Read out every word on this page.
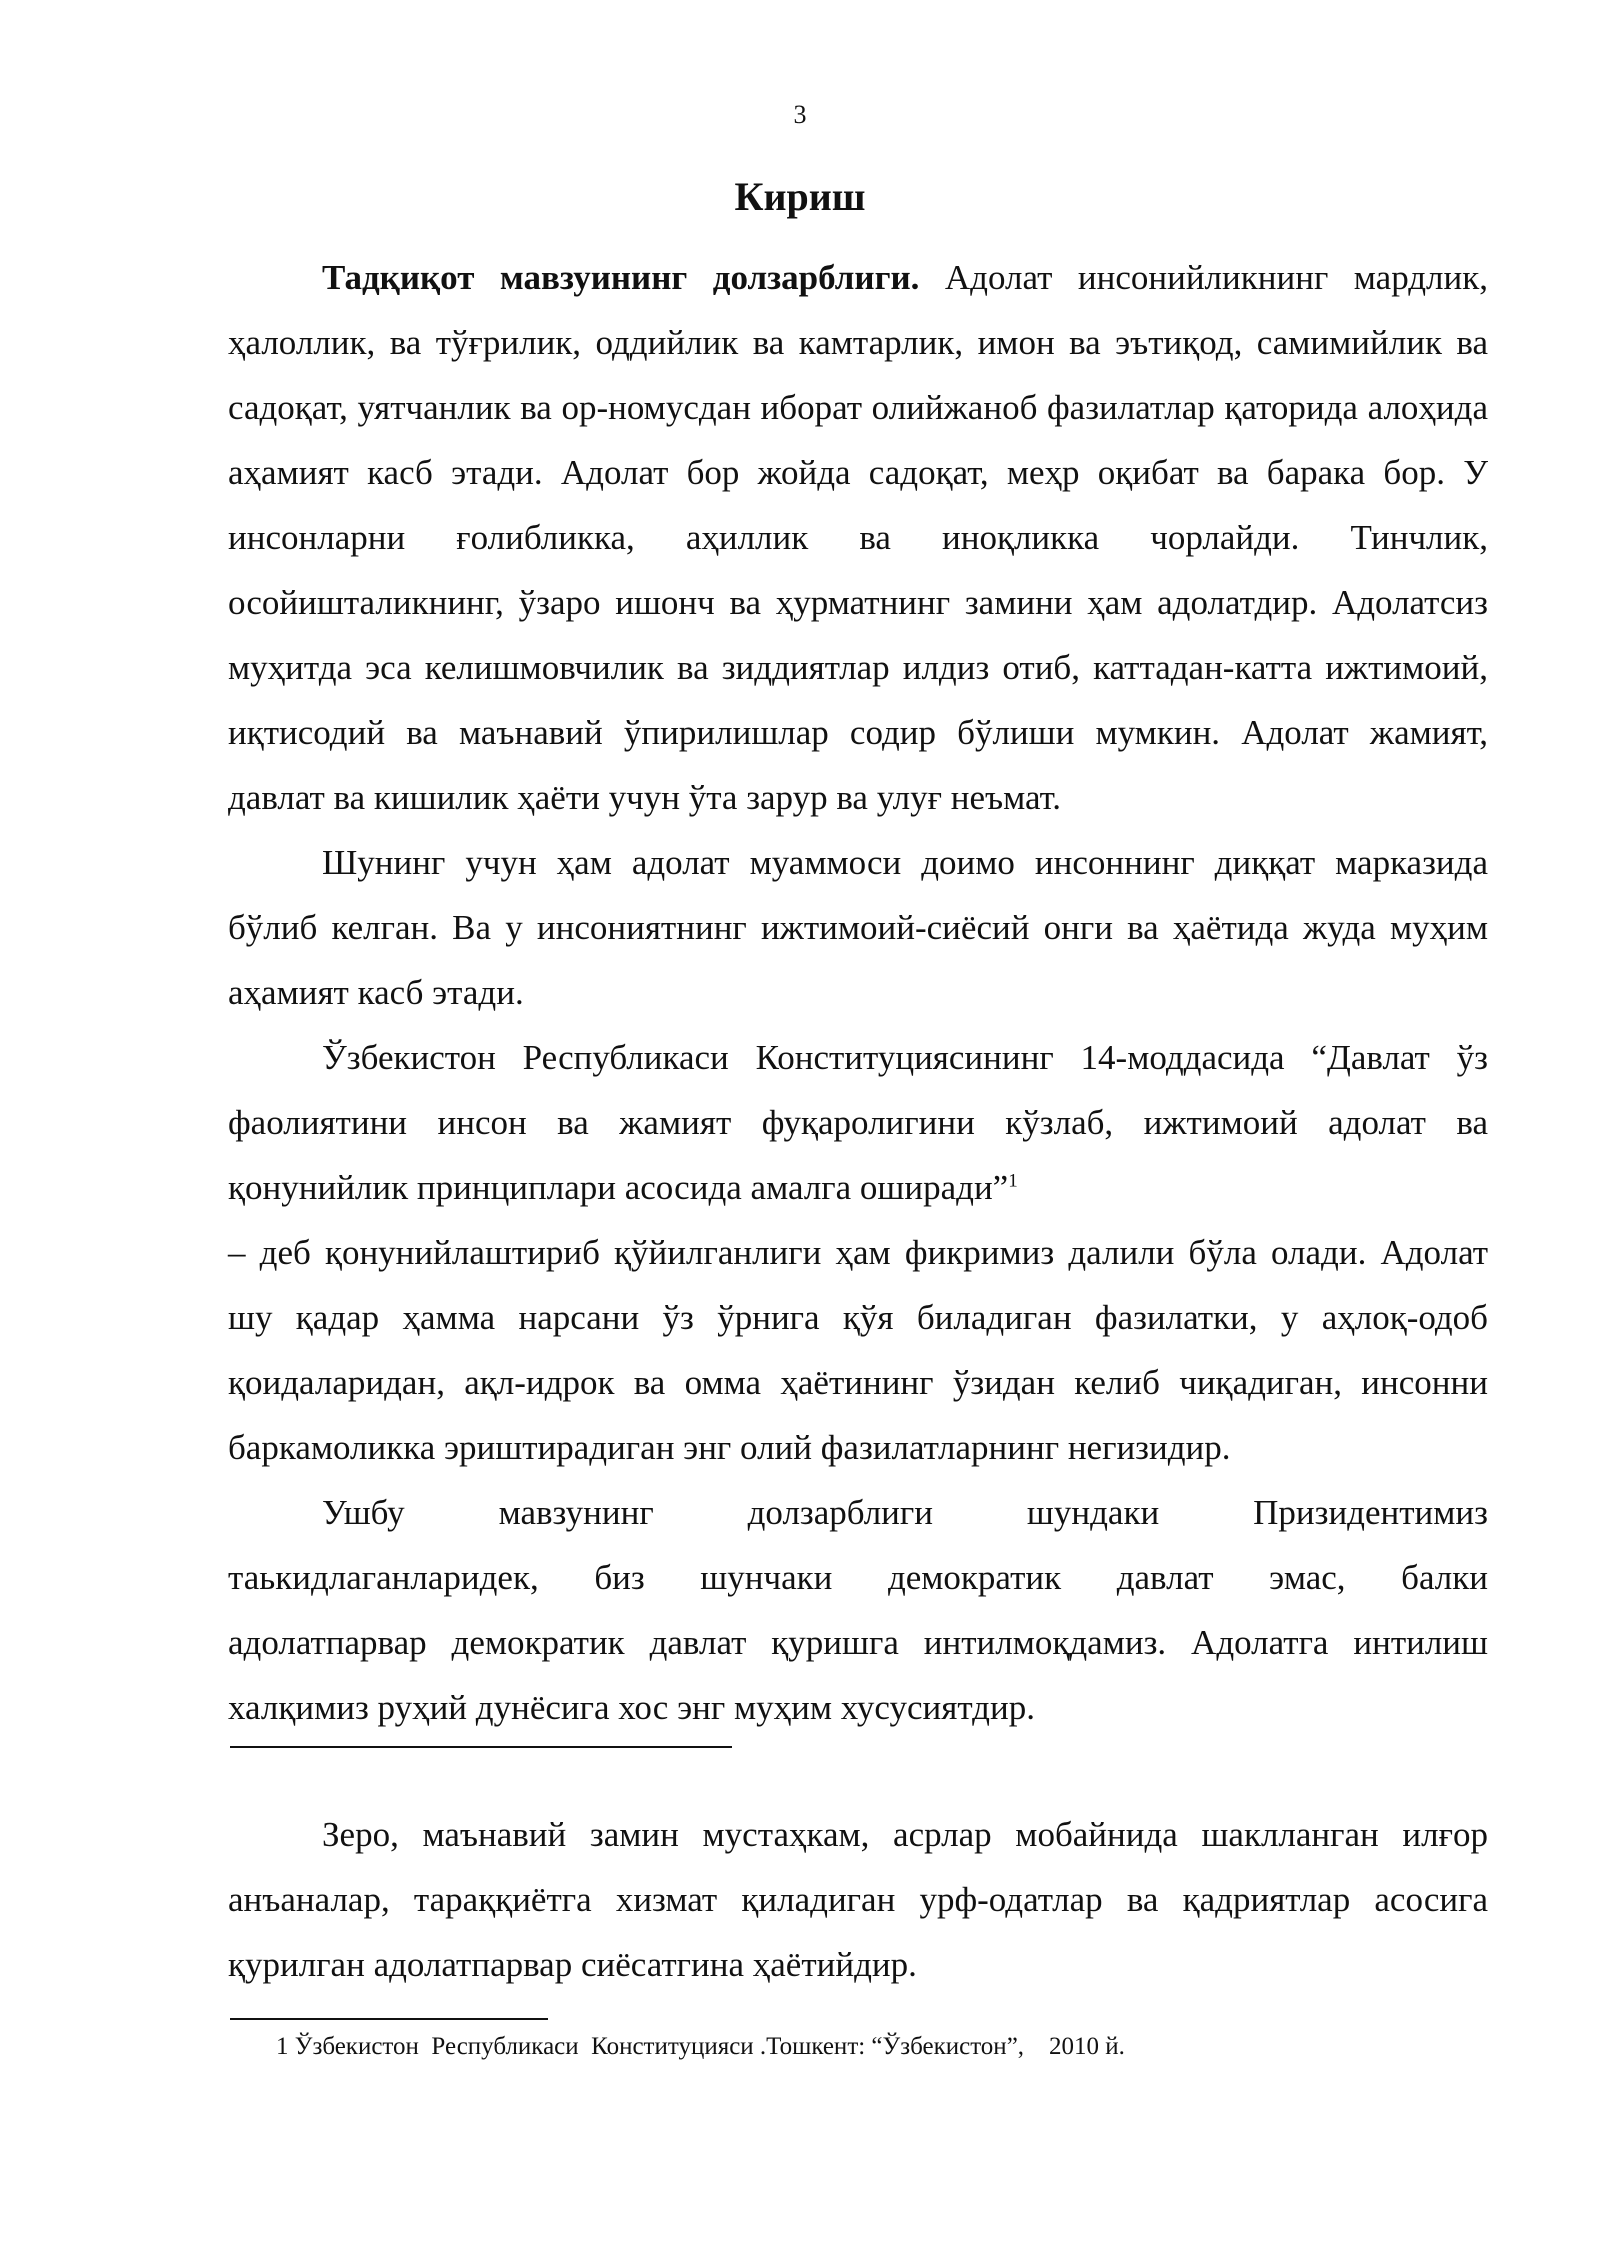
3
Кириш

Тадқиқот мавзуининг долзарблиги. Адолат инсонийликнинг мардлик, ҳалоллик, ва тўғрилик, оддийлик ва камтарлик, имон ва эътиқод, самимийлик ва садоқат, уятчанлик ва ор-номусдан иборат олийжаноб фазилатлар қаторида алоҳида аҳамият касб этади. Адолат бор жойда садоқат, меҳр оқибат ва барака бор. У инсонларни ғолибликка, аҳиллик ва иноқликка чорлайди. Тинчлик, осойишталикнинг, ўзаро ишонч ва ҳурматнинг замини ҳам адолатдир. Адолатсиз муҳитда эса келишмовчилик ва зиддиятлар илдиз отиб, каттадан-катта ижтимоий, иқтисодий ва маънавий ўпирилишлар содир бўлиши мумкин. Адолат жамият, давлат ва кишилик ҳаёти учун ўта зарур ва улуғ неъмат.

Шунинг учун ҳам адолат муаммоси доимо инсоннинг диққат марказида бўлиб келган. Ва у инсониятнинг ижтимоий-сиёсий онги ва ҳаётида жуда муҳим аҳамият касб этади.

Ўзбекистон Республикаси Конституциясининг 14-моддасида “Давлат ўз фаолиятини инсон ва жамият фуқаролигини кўзлаб, ижтимоий адолат ва қонунийлик принциплари асосида амалга оширади”$^1$

– деб қонунийлаштириб қўйилганлиги ҳам фикримиз далили бўла олади. Адолат шу қадар ҳамма нарсани ўз ўрнига қўя биладиган фазилатки, у аҳлоқ-одоб қоидаларидан, ақл-идрок ва омма ҳаётининг ўзидан келиб чиқадиган, инсонни баркамоликка эриштирадиган энг олий фазилатларнинг негизидир.

Ушбу мавзунинг долзарблиги шундаки Призидентимиз

таькидлаганларидек, биз шунчаки демократик давлат эмас, балки

адолатпарвар демократик давлат қуришга интилмоқдамиз. Адолатга интилиш халқимиз руҳий дунёсига хос энг муҳим хусусиятдир.

Зеро, маънавий замин мустаҳкам, асрлар мобайнида шаклланган илғор анъаналар, тараққиётга хизмат қиладиган урф-одатлар ва қадриятлар асосига қурилган адолатпарвар сиёсатгина ҳаётийдир.

1 Ўзбекистон  Республикаси  Конституцияси .Тошкент: “Ўзбекистон”,    2010 й.
